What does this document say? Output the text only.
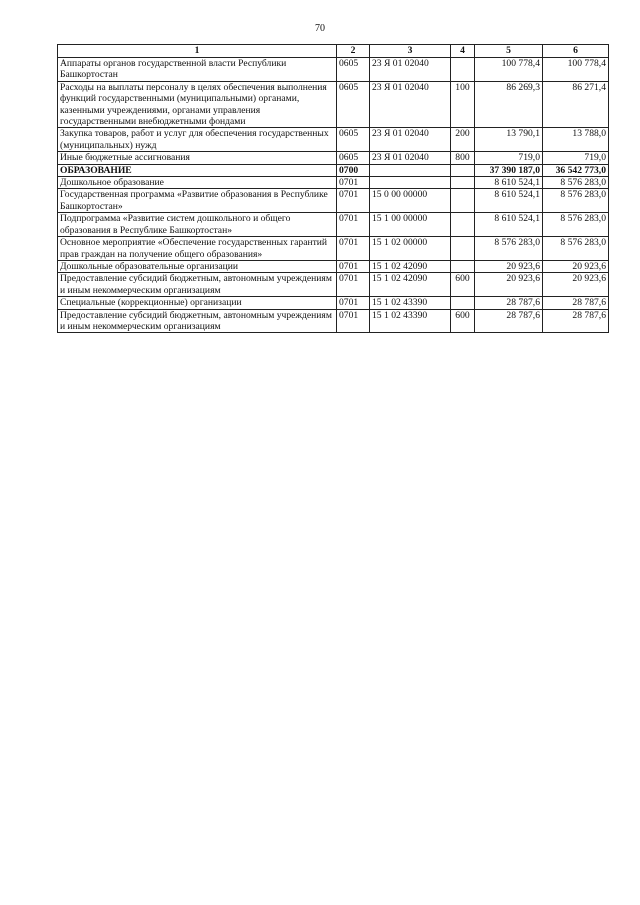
70
1	2	3	4	5	6
Аппараты органов государственной власти Республики Башкортостан	0605	23 Я 01 02040		100 778,4	100 778,4
Расходы на выплаты персоналу в целях обеспечения выполнения функций государственными (муниципальными) органами, казенными учреждениями, органами управления государственными внебюджетными фондами	0605	23 Я 01 02040	100	86 269,3	86 271,4
Закупка товаров, работ и услуг для обеспечения государственных (муниципальных) нужд	0605	23 Я 01 02040	200	13 790,1	13 788,0
Иные бюджетные ассигнования	0605	23 Я 01 02040	800	719,0	719,0
ОБРАЗОВАНИЕ	0700			37 390 187,0	36 542 773,0
Дошкольное образование	0701			8 610 524,1	8 576 283,0
Государственная программа «Развитие образования в Республике Башкортостан»	0701	15 0 00 00000		8 610 524,1	8 576 283,0
Подпрограмма «Развитие систем дошкольного и общего образования в Республике Башкортостан»	0701	15 1 00 00000		8 610 524,1	8 576 283,0
Основное мероприятие «Обеспечение государственных гарантий прав граждан на получение общего образования»	0701	15 1 02 00000		8 576 283,0	8 576 283,0
Дошкольные образовательные организации	0701	15 1 02 42090		20 923,6	20 923,6
Предоставление субсидий бюджетным, автономным учреждениям и иным некоммерческим организациям	0701	15 1 02 42090	600	20 923,6	20 923,6
Специальные (коррекционные) организации	0701	15 1 02 43390		28 787,6	28 787,6
Предоставление субсидий бюджетным, автономным учреждениям и иным некоммерческим организациям	0701	15 1 02 43390	600	28 787,6	28 787,6
